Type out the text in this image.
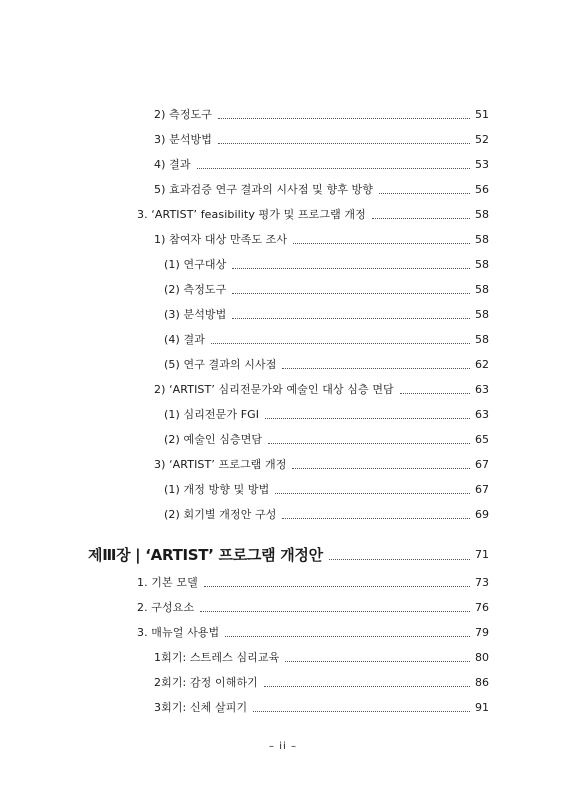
2) 측정도구	51
3) 분석방법	52
4) 결과	53
5) 효과검증 연구 결과의 시사점 및 향후 방향	56
3. ‘ARTIST’ feasibility 평가 및 프로그램 개정	58
1) 참여자 대상 만족도 조사	58
(1) 연구대상	58
(2) 측정도구	58
(3) 분석방법	58
(4) 결과	58
(5) 연구 결과의 시사점	62
2) ‘ARTIST’ 심리전문가와 예술인 대상 심층 면담	63
(1) 심리전문가 FGI	63
(2) 예술인 심층면담	65
3) ‘ARTIST’ 프로그램 개정	67
(1) 개정 방향 및 방법	67
(2) 회기별 개정안 구성	69
제Ⅲ장 | ‘ARTIST’ 프로그램 개정안	71
1. 기본 모델	73
2. 구성요소	76
3. 매뉴얼 사용법	79
1회기: 스트레스 심리교육	80
2회기: 감정 이해하기	86
3회기: 신체 살피기	91
– ii –
